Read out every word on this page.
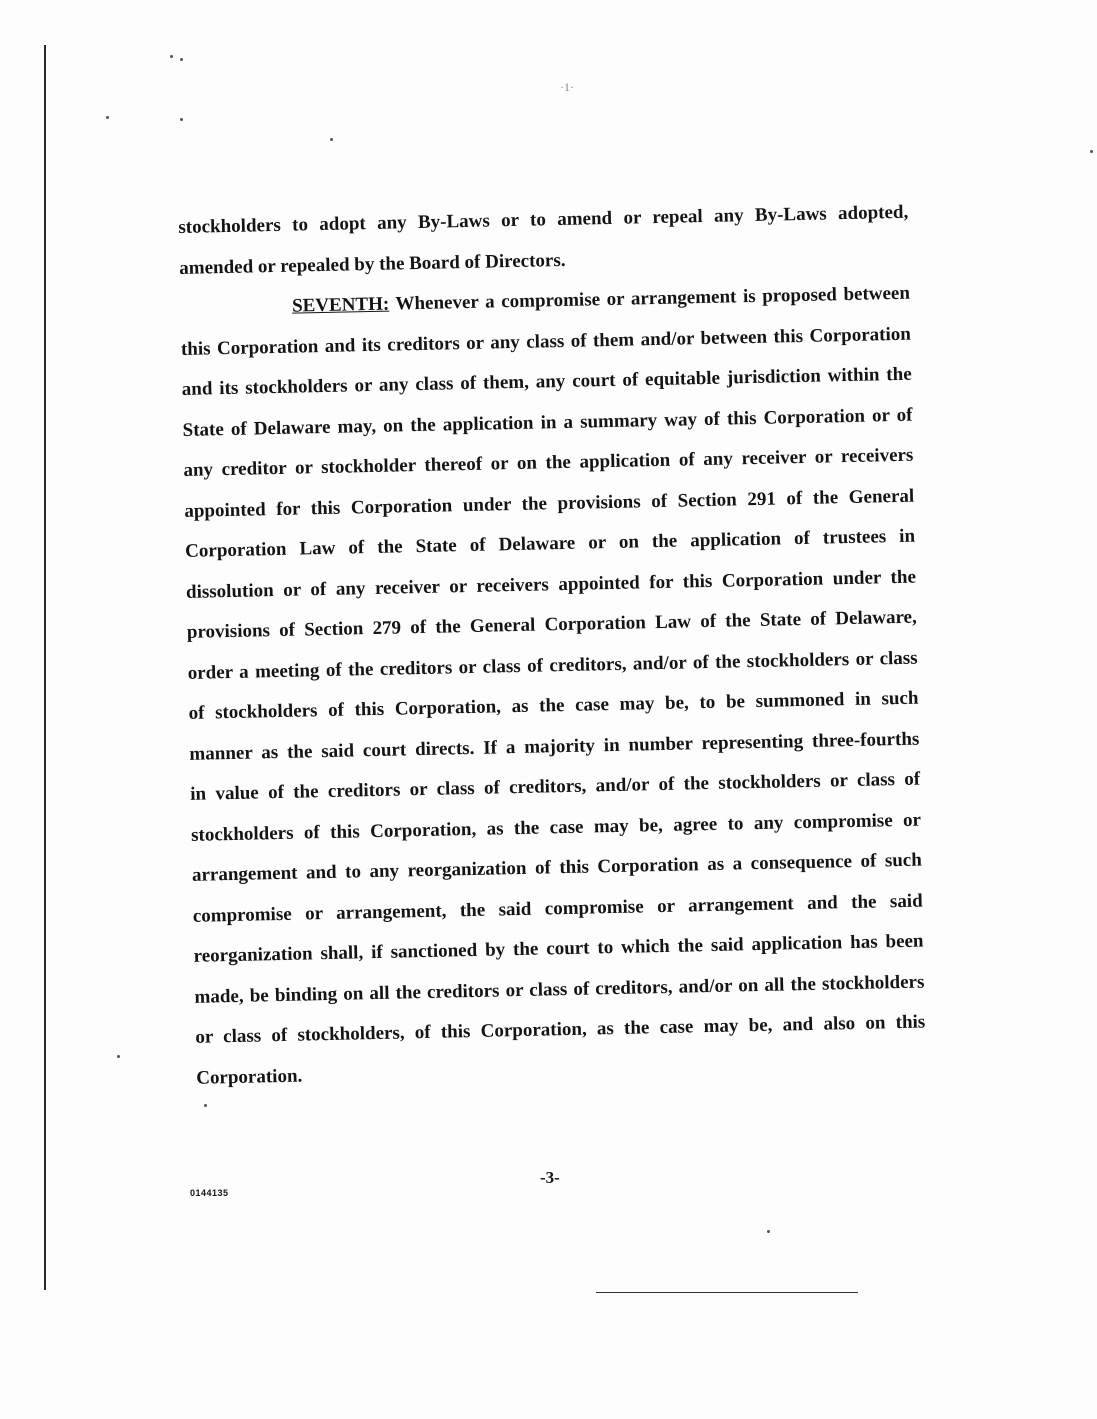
·1·
stockholders to adopt any By-Laws or to amend or repeal any By-Laws adopted,
amended or repealed by the Board of Directors.
SEVENTH: Whenever a compromise or arrangement is proposed between
this Corporation and its creditors or any class of them and/or between this Corporation
and its stockholders or any class of them, any court of equitable jurisdiction within the
State of Delaware may, on the application in a summary way of this Corporation or of
any creditor or stockholder thereof or on the application of any receiver or receivers
appointed for this Corporation under the provisions of Section 291 of the General
Corporation Law of the State of Delaware or on the application of trustees in
dissolution or of any receiver or receivers appointed for this Corporation under the
provisions of Section 279 of the General Corporation Law of the State of Delaware,
order a meeting of the creditors or class of creditors, and/or of the stockholders or class
of stockholders of this Corporation, as the case may be, to be summoned in such
manner as the said court directs. If a majority in number representing three-fourths
in value of the creditors or class of creditors, and/or of the stockholders or class of
stockholders of this Corporation, as the case may be, agree to any compromise or
arrangement and to any reorganization of this Corporation as a consequence of such
compromise or arrangement, the said compromise or arrangement and the said
reorganization shall, if sanctioned by the court to which the said application has been
made, be binding on all the creditors or class of creditors, and/or on all the stockholders
or class of stockholders, of this Corporation, as the case may be, and also on this
Corporation.
-3-
0144135
